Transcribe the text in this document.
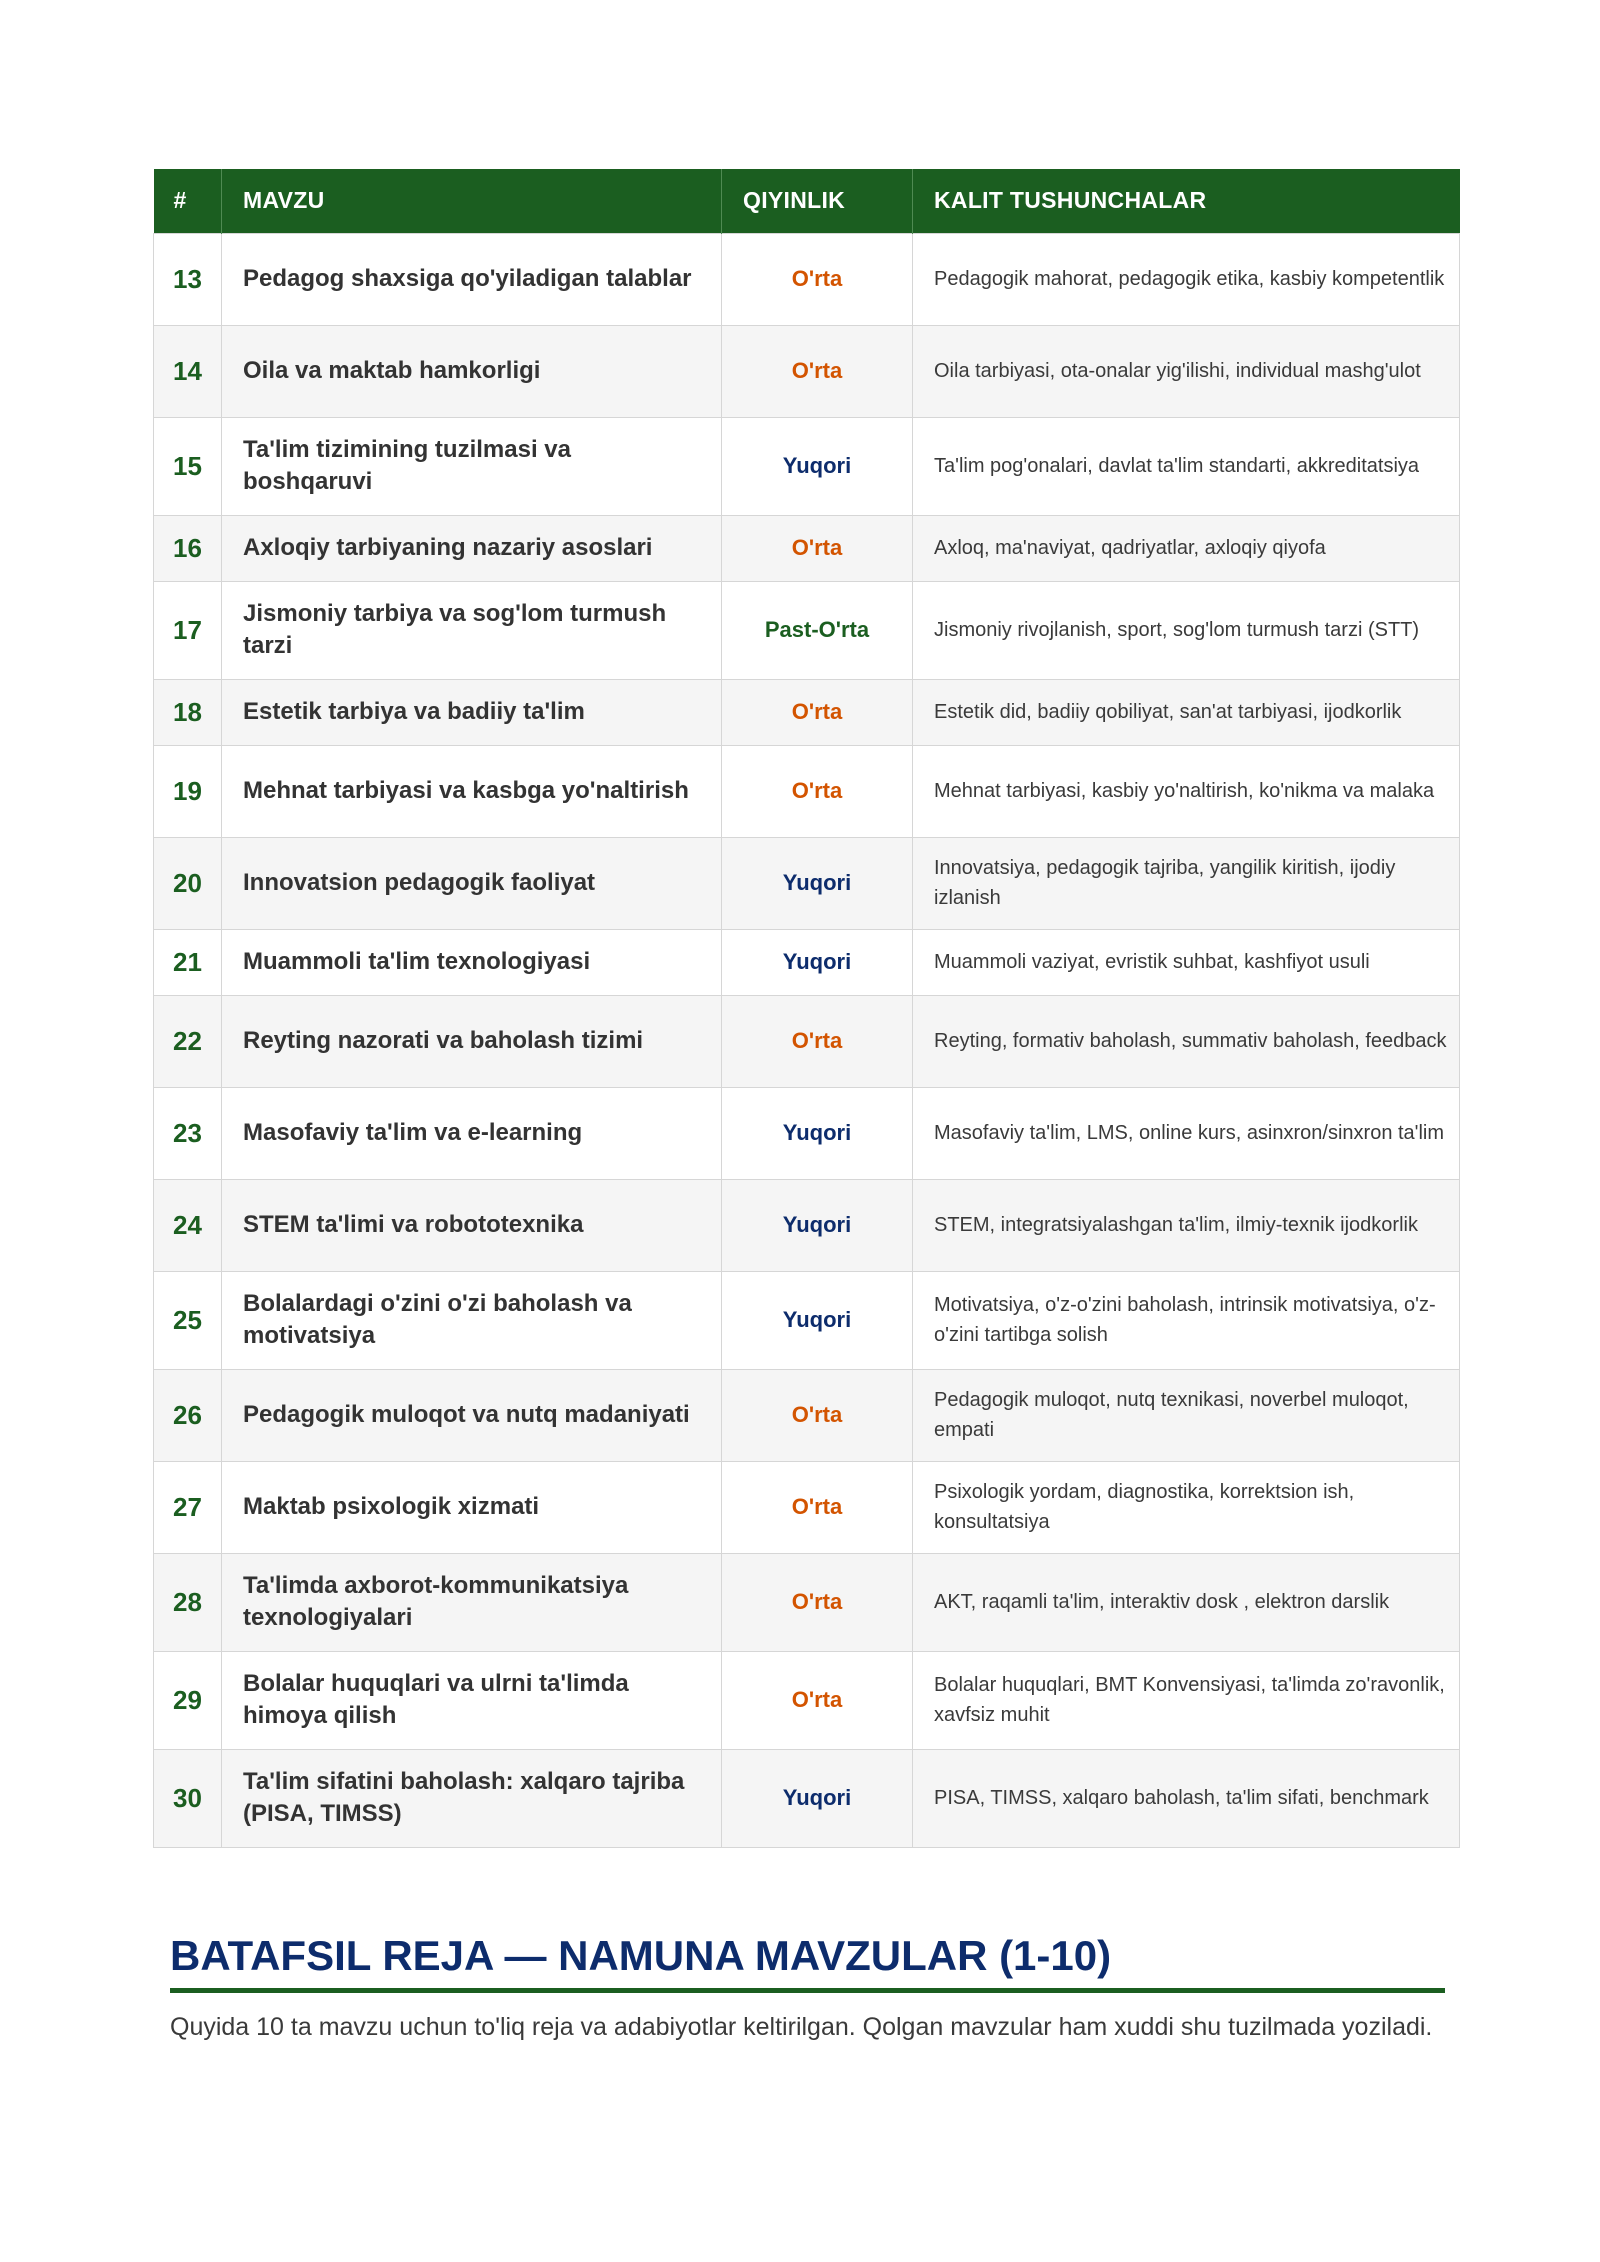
#	MAVZU	QIYINLIK	KALIT TUSHUNCHALAR
13	Pedagog shaxsiga qo'yiladigan talablar	O'rta	Pedagogik mahorat, pedagogik etika, kasbiy kompetentlik
14	Oila va maktab hamkorligi	O'rta	Oila tarbiyasi, ota-onalar yig'ilishi, individual mashg'ulot
15	Ta'lim tizimining tuzilmasi va boshqaruvi	Yuqori	Ta'lim pog'onalari, davlat ta'lim standarti, akkreditatsiya
16	Axloqiy tarbiyaning nazariy asoslari	O'rta	Axloq, ma'naviyat, qadriyatlar, axloqiy qiyofa
17	Jismoniy tarbiya va sog'lom turmush tarzi	Past-O'rta	Jismoniy rivojlanish, sport, sog'lom turmush tarzi (STT)
18	Estetik tarbiya va badiiy ta'lim	O'rta	Estetik did, badiiy qobiliyat, san'at tarbiyasi, ijodkorlik
19	Mehnat tarbiyasi va kasbga yo'naltirish	O'rta	Mehnat tarbiyasi, kasbiy yo'naltirish, ko'nikma va malaka
20	Innovatsion pedagogik faoliyat	Yuqori	Innovatsiya, pedagogik tajriba, yangilik kiritish, ijodiy izlanish
21	Muammoli ta'lim texnologiyasi	Yuqori	Muammoli vaziyat, evristik suhbat, kashfiyot usuli
22	Reyting nazorati va baholash tizimi	O'rta	Reyting, formativ baholash, summativ baholash, feedback
23	Masofaviy ta'lim va e-learning	Yuqori	Masofaviy ta'lim, LMS, online kurs, asinxron/sinxron ta'lim
24	STEM ta'limi va robototexnika	Yuqori	STEM, integratsiyalashgan ta'lim, ilmiy-texnik ijodkorlik
25	Bolalardagi o'zini o'zi baholash va motivatsiya	Yuqori	Motivatsiya, o'z-o'zini baholash, intrinsik motivatsiya, o'z-o'zini tartibga solish
26	Pedagogik muloqot va nutq madaniyati	O'rta	Pedagogik muloqot, nutq texnikasi, noverbel muloqot, empati
27	Maktab psixologik xizmati	O'rta	Psixologik yordam, diagnostika, korrektsion ish, konsultatsiya
28	Ta'limda axborot-kommunikatsiya texnologiyalari	O'rta	AKT, raqamli ta'lim, interaktiv dosk , elektron darslik
29	Bolalar huquqlari va ulrni ta'limda himoya qilish	O'rta	Bolalar huquqlari, BMT Konvensiyasi, ta'limda zo'ravonlik, xavfsiz muhit
30	Ta'lim sifatini baholash: xalqaro tajriba (PISA, TIMSS)	Yuqori	PISA, TIMSS, xalqaro baholash, ta'lim sifati, benchmark
BATAFSIL REJA — NAMUNA MAVZULAR (1-10)

Quyida 10 ta mavzu uchun to'liq reja va adabiyotlar keltirilgan. Qolgan mavzular ham xuddi shu tuzilmada yoziladi.
